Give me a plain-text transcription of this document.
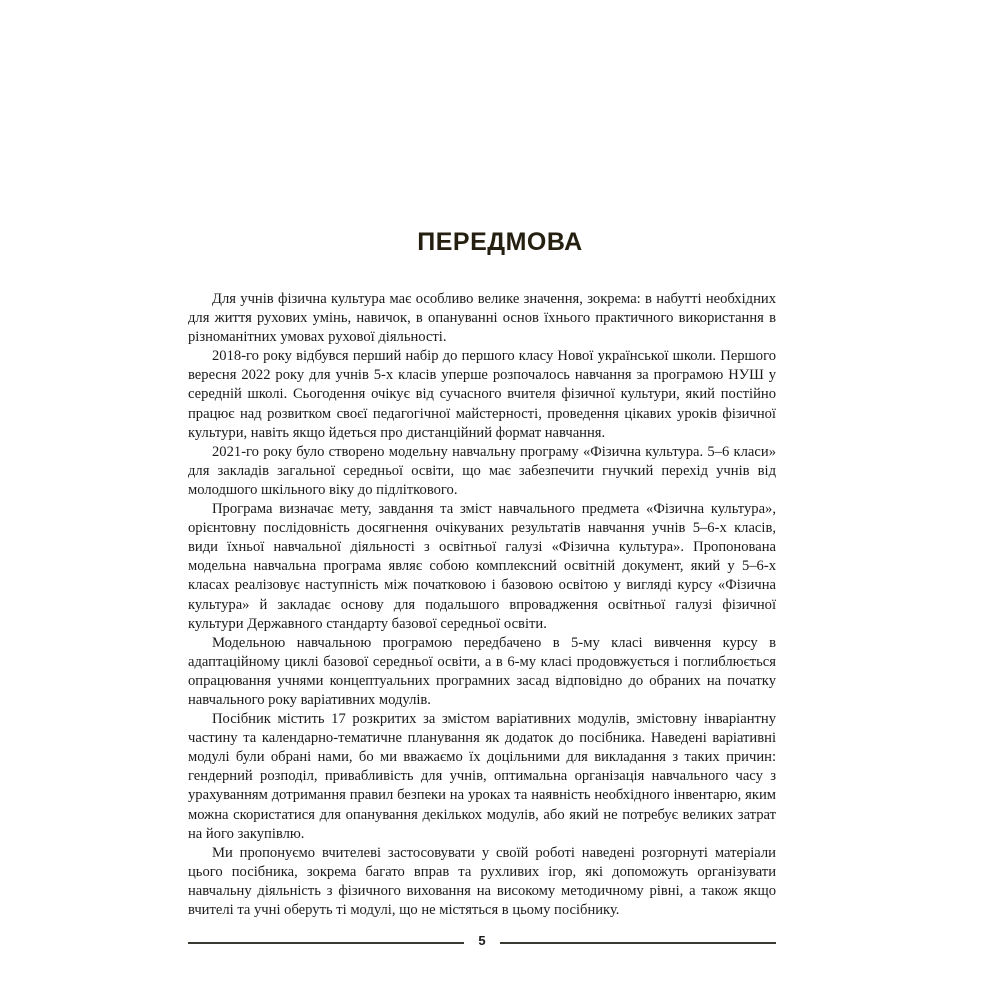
ПЕРЕДМОВА

Для учнів фізична культура має особливо велике значення, зокрема: в набутті необхідних для життя рухових умінь, навичок, в опануванні основ їхнього практичного використання в різноманітних умовах рухової діяльності.

2018-го року відбувся перший набір до першого класу Нової української школи. Першого вересня 2022 року для учнів 5-х класів уперше розпочалось навчання за програмою НУШ у середній школі. Сьогодення очікує від сучасного вчителя фізичної культури, який постійно працює над розвитком своєї педагогічної майстерності, проведення цікавих уроків фізичної культури, навіть якщо йдеться про дистанційний формат навчання.

2021-го року було створено модельну навчальну програму «Фізична культура. 5–6 класи» для закладів загальної середньої освіти, що має забезпечити гнучкий перехід учнів від молодшого шкільного віку до підліткового.

Програма визначає мету, завдання та зміст навчального предмета «Фізична культура», орієнтовну послідовність досягнення очікуваних результатів навчання учнів 5–6-х класів, види їхньої навчальної діяльності з освітньої галузі «Фізична культура». Пропонована модельна навчальна програма являє собою комплексний освітній документ, який у 5–6-х класах реалізовує наступність між початковою і базовою освітою у вигляді курсу «Фізична культура» й закладає основу для подальшого впровадження освітньої галузі фізичної культури Державного стандарту базової середньої освіти.

Модельною навчальною програмою передбачено в 5-му класі вивчення курсу в адаптаційному циклі базової середньої освіти, а в 6-му класі продовжується і поглиблюється опрацювання учнями концептуальних програмних засад відповідно до обраних на початку навчального року варіативних модулів.

Посібник містить 17 розкритих за змістом варіативних модулів, змістовну інваріантну частину та календарно-тематичне планування як додаток до посібника. Наведені варіативні модулі були обрані нами, бо ми вважаємо їх доцільними для викладання з таких причин: гендерний розподіл, привабливість для учнів, оптимальна організація навчального часу з урахуванням дотримання правил безпеки на уроках та наявність необхідного інвентарю, яким можна скористатися для опанування декількох модулів, або який не потребує великих затрат на його закупівлю.

Ми пропонуємо вчителеві застосовувати у своїй роботі наведені розгорнуті матеріали цього посібника, зокрема багато вправ та рухливих ігор, які допоможуть організувати навчальну діяльність з фізичного виховання на високому методичному рівні, а також якщо вчителі та учні оберуть ті модулі, що не містяться в цьому посібнику.

5
